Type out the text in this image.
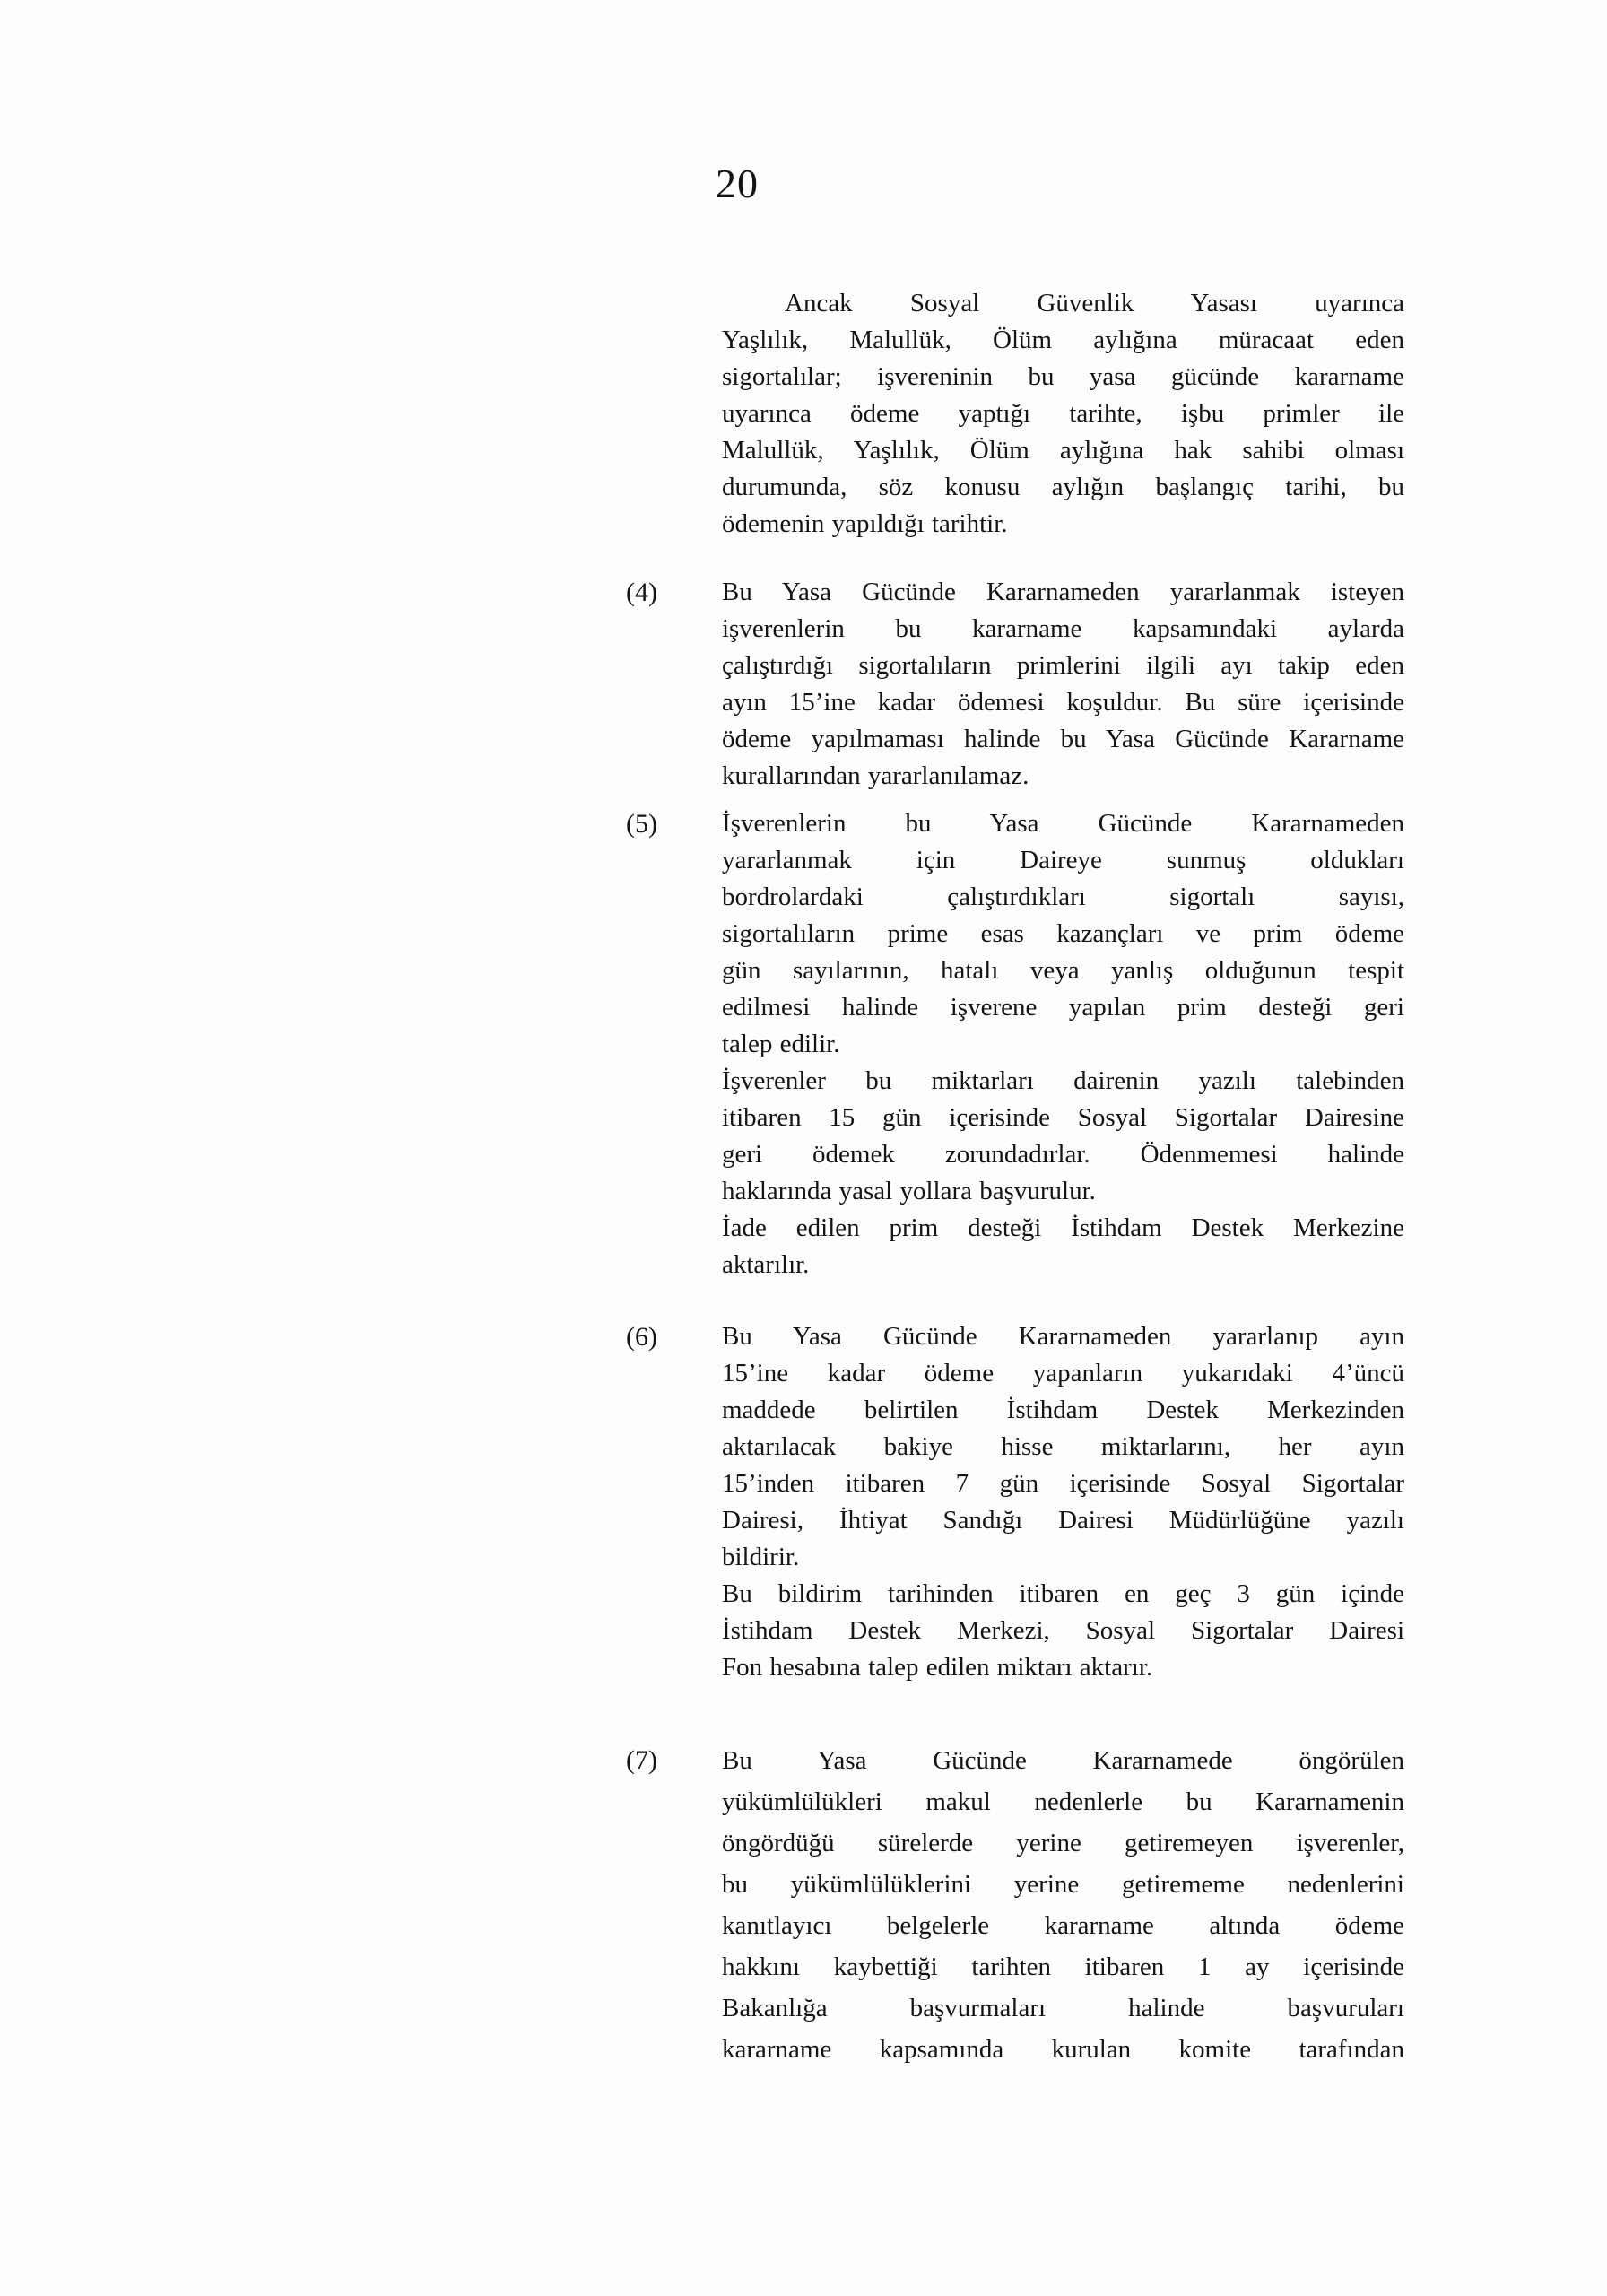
20
Ancak Sosyal Güvenlik Yasası uyarınca
Yaşlılık, Malullük, Ölüm aylığına müracaat eden
sigortalılar; işvereninin bu yasa gücünde kararname
uyarınca ödeme yaptığı tarihte, işbu primler ile
Malullük, Yaşlılık, Ölüm aylığına hak sahibi olması
durumunda, söz konusu aylığın başlangıç tarihi, bu
ödemenin yapıldığı tarihtir.
(4)	Bu Yasa Gücünde Kararnameden yararlanmak isteyen
işverenlerin bu kararname kapsamındaki aylarda
çalıştırdığı sigortalıların primlerini ilgili ayı takip eden
ayın 15’ine kadar ödemesi koşuldur. Bu süre içerisinde
ödeme yapılmaması halinde bu Yasa Gücünde Kararname
kurallarından yararlanılamaz.
(5)	İşverenlerin bu Yasa Gücünde Kararnameden
yararlanmak için Daireye sunmuş oldukları
bordrolardaki çalıştırdıkları sigortalı sayısı,
sigortalıların prime esas kazançları ve prim ödeme
gün sayılarının, hatalı veya yanlış olduğunun tespit
edilmesi halinde işverene yapılan prim desteği geri
talep edilir.
İşverenler bu miktarları dairenin yazılı talebinden
itibaren 15 gün içerisinde Sosyal Sigortalar Dairesine
geri ödemek zorundadırlar. Ödenmemesi halinde
haklarında yasal yollara başvurulur.
İade edilen prim desteği İstihdam Destek Merkezine
aktarılır.
(6)	Bu Yasa Gücünde Kararnameden yararlanıp ayın
15’ine kadar ödeme yapanların yukarıdaki 4’üncü
maddede belirtilen İstihdam Destek Merkezinden
aktarılacak bakiye hisse miktarlarını, her ayın
15’inden itibaren 7 gün içerisinde Sosyal Sigortalar
Dairesi, İhtiyat Sandığı Dairesi Müdürlüğüne yazılı
bildirir.
Bu bildirim tarihinden itibaren en geç 3 gün içinde
İstihdam Destek Merkezi, Sosyal Sigortalar Dairesi
Fon hesabına talep edilen miktarı aktarır.
(7)	Bu Yasa Gücünde Kararnamede öngörülen
yükümlülükleri makul nedenlerle bu Kararnamenin
öngördüğü sürelerde yerine getiremeyen işverenler,
bu yükümlülüklerini yerine getirememe nedenlerini
kanıtlayıcı belgelerle kararname altında ödeme
hakkını kaybettiği tarihten itibaren 1 ay içerisinde
Bakanlığa başvurmaları halinde başvuruları
kararname kapsamında kurulan komite tarafından
